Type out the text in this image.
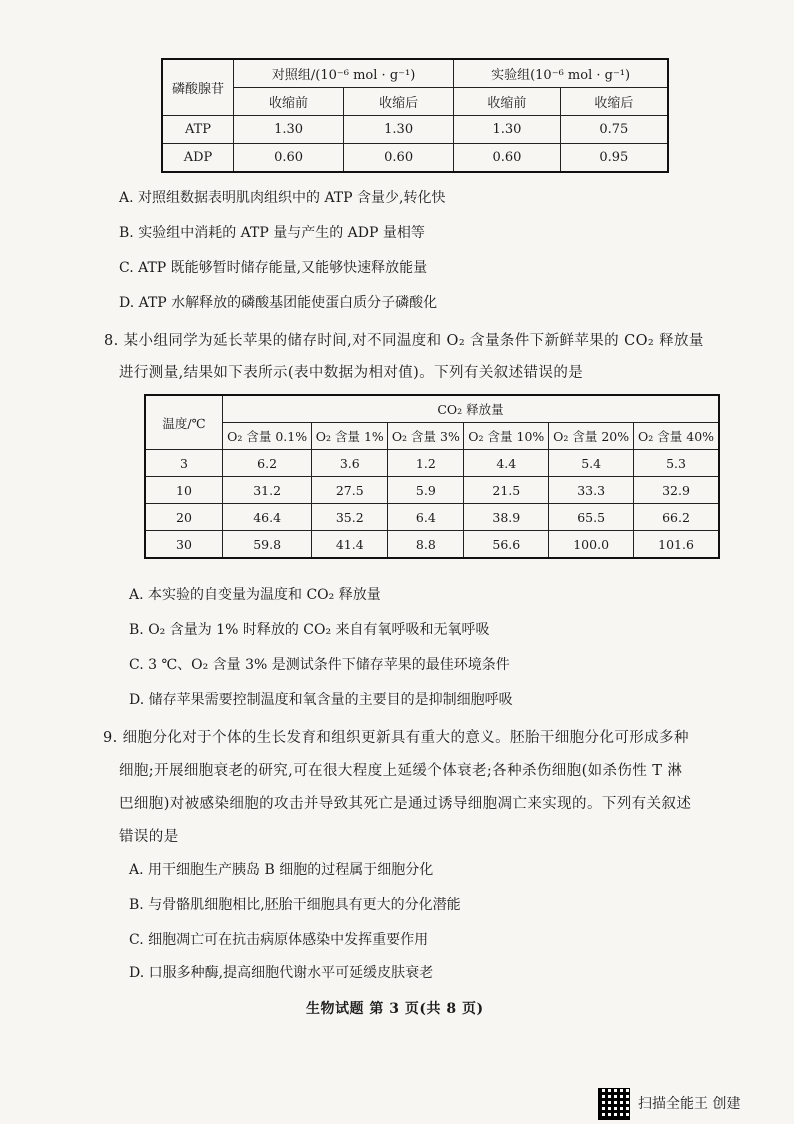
磷酸腺苷	对照组/(10⁻⁶ mol · g⁻¹)		实验组(10⁻⁶ mol · g⁻¹)	
	收缩前	收缩后	收缩前	收缩后
ATP	1.30	1.30	1.30	0.75
ADP	0.60	0.60	0.60	0.95
A. 对照组数据表明肌肉组织中的 ATP 含量少,转化快
B. 实验组中消耗的 ATP 量与产生的 ADP 量相等
C. ATP 既能够暂时储存能量,又能够快速释放能量
D. ATP 水解释放的磷酸基团能使蛋白质分子磷酸化
8. 某小组同学为延长苹果的储存时间,对不同温度和 O₂ 含量条件下新鲜苹果的 CO₂ 释放量
进行测量,结果如下表所示(表中数据为相对值)。下列有关叙述错误的是
温度/℃	CO₂ 释放量					
	O₂ 含量 0.1%	O₂ 含量 1%	O₂ 含量 3%	O₂ 含量 10%	O₂ 含量 20%	O₂ 含量 40%
3	6.2	3.6	1.2	4.4	5.4	5.3
10	31.2	27.5	5.9	21.5	33.3	32.9
20	46.4	35.2	6.4	38.9	65.5	66.2
30	59.8	41.4	8.8	56.6	100.0	101.6
A. 本实验的自变量为温度和 CO₂ 释放量
B. O₂ 含量为 1% 时释放的 CO₂ 来自有氧呼吸和无氧呼吸
C. 3 ℃、O₂ 含量 3% 是测试条件下储存苹果的最佳环境条件
D. 储存苹果需要控制温度和氧含量的主要目的是抑制细胞呼吸
9. 细胞分化对于个体的生长发育和组织更新具有重大的意义。胚胎干细胞分化可形成多种
细胞;开展细胞衰老的研究,可在很大程度上延缓个体衰老;各种杀伤细胞(如杀伤性 T 淋
巴细胞)对被感染细胞的攻击并导致其死亡是通过诱导细胞凋亡来实现的。下列有关叙述
错误的是
A. 用干细胞生产胰岛 B 细胞的过程属于细胞分化
B. 与骨骼肌细胞相比,胚胎干细胞具有更大的分化潜能
C. 细胞凋亡可在抗击病原体感染中发挥重要作用
D. 口服多种酶,提高细胞代谢水平可延缓皮肤衰老
生物试题 第 3 页(共 8 页)
扫描全能王 创建
